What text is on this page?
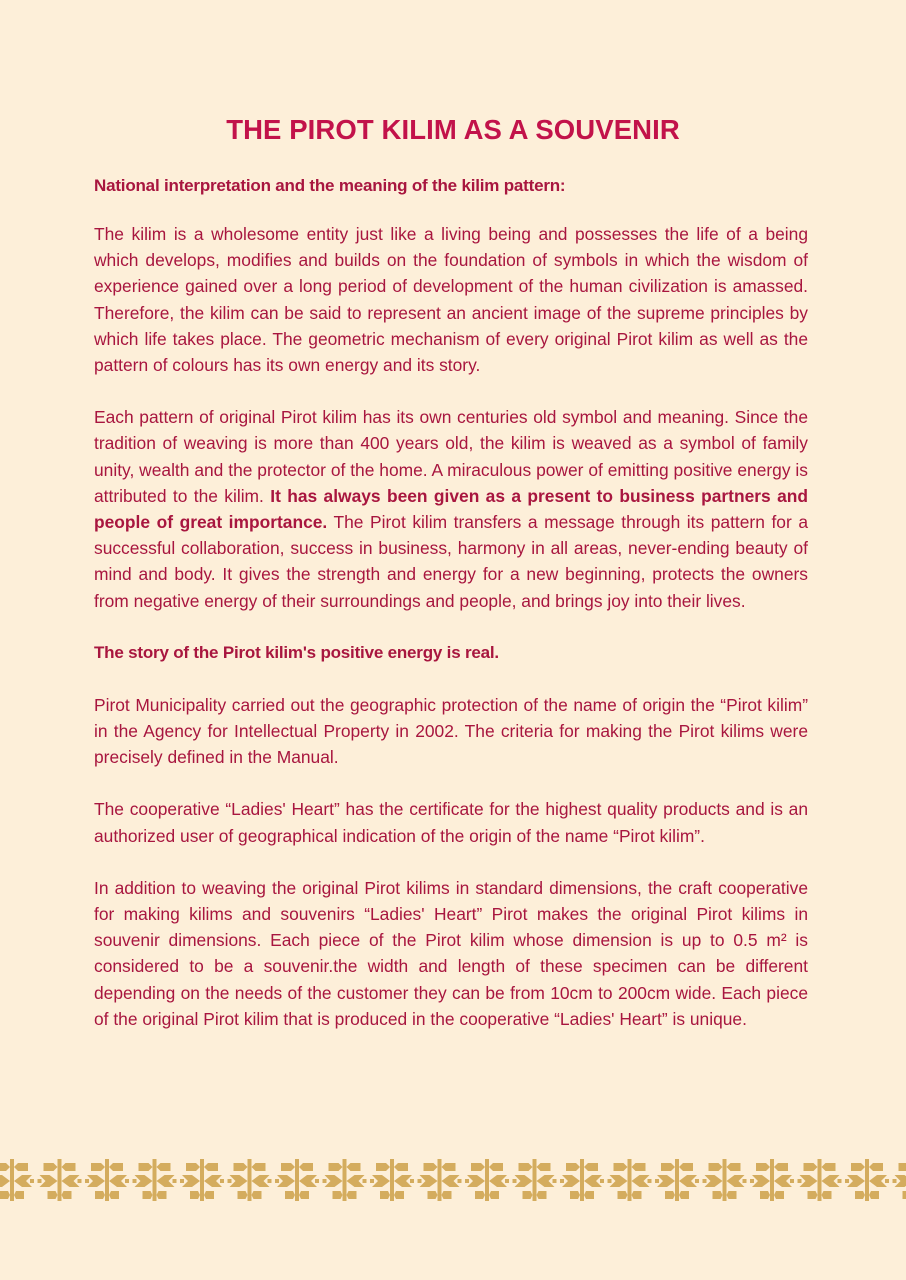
THE PIROT KILIM AS A SOUVENIR

National interpretation and the meaning of the kilim pattern:

The kilim is a wholesome entity just like a living being and possesses the life of a being which develops, modifies and builds on the foundation of symbols in which the wisdom of experience gained over a long period of development of the human civilization is amassed. Therefore, the kilim can be said to represent an ancient image of the supreme principles by which life takes place. The geometric mechanism of every original Pirot kilim as well as the pattern of colours has its own energy and its story.

Each pattern of original Pirot kilim has its own centuries old symbol and meaning. Since the tradition of weaving is more than 400 years old, the kilim is weaved as a symbol of family unity, wealth and the protector of the home. A miraculous power of emitting positive energy is attributed to the kilim. It has always been given as a present to business partners and people of great importance. The Pirot kilim transfers a message through its pattern for a successful collaboration, success in business, harmony in all areas, never-ending beauty of mind and body. It gives the strength and energy for a new beginning, protects the owners from negative energy of their surroundings and people, and brings joy into their lives.

The story of the Pirot kilim's positive energy is real.

Pirot Municipality carried out the geographic protection of the name of origin the “Pirot kilim” in the Agency for Intellectual Property in 2002. The criteria for making the Pirot kilims were precisely defined in the Manual.

The cooperative “Ladies' Heart” has the certificate for the highest quality products and is an authorized user of geographical indication of the origin of the name “Pirot kilim”.

In addition to weaving the original Pirot kilims in standard dimensions, the craft cooperative for making kilims and souvenirs “Ladies' Heart” Pirot makes the original Pirot kilims in souvenir dimensions. Each piece of the Pirot kilim whose dimension is up to 0.5 m² is considered to be a souvenir.the width and length of these specimen can be different depending on the needs of the customer they can be from 10cm to 200cm wide. Each piece of the original Pirot kilim that is produced in the cooperative “Ladies' Heart” is unique.
